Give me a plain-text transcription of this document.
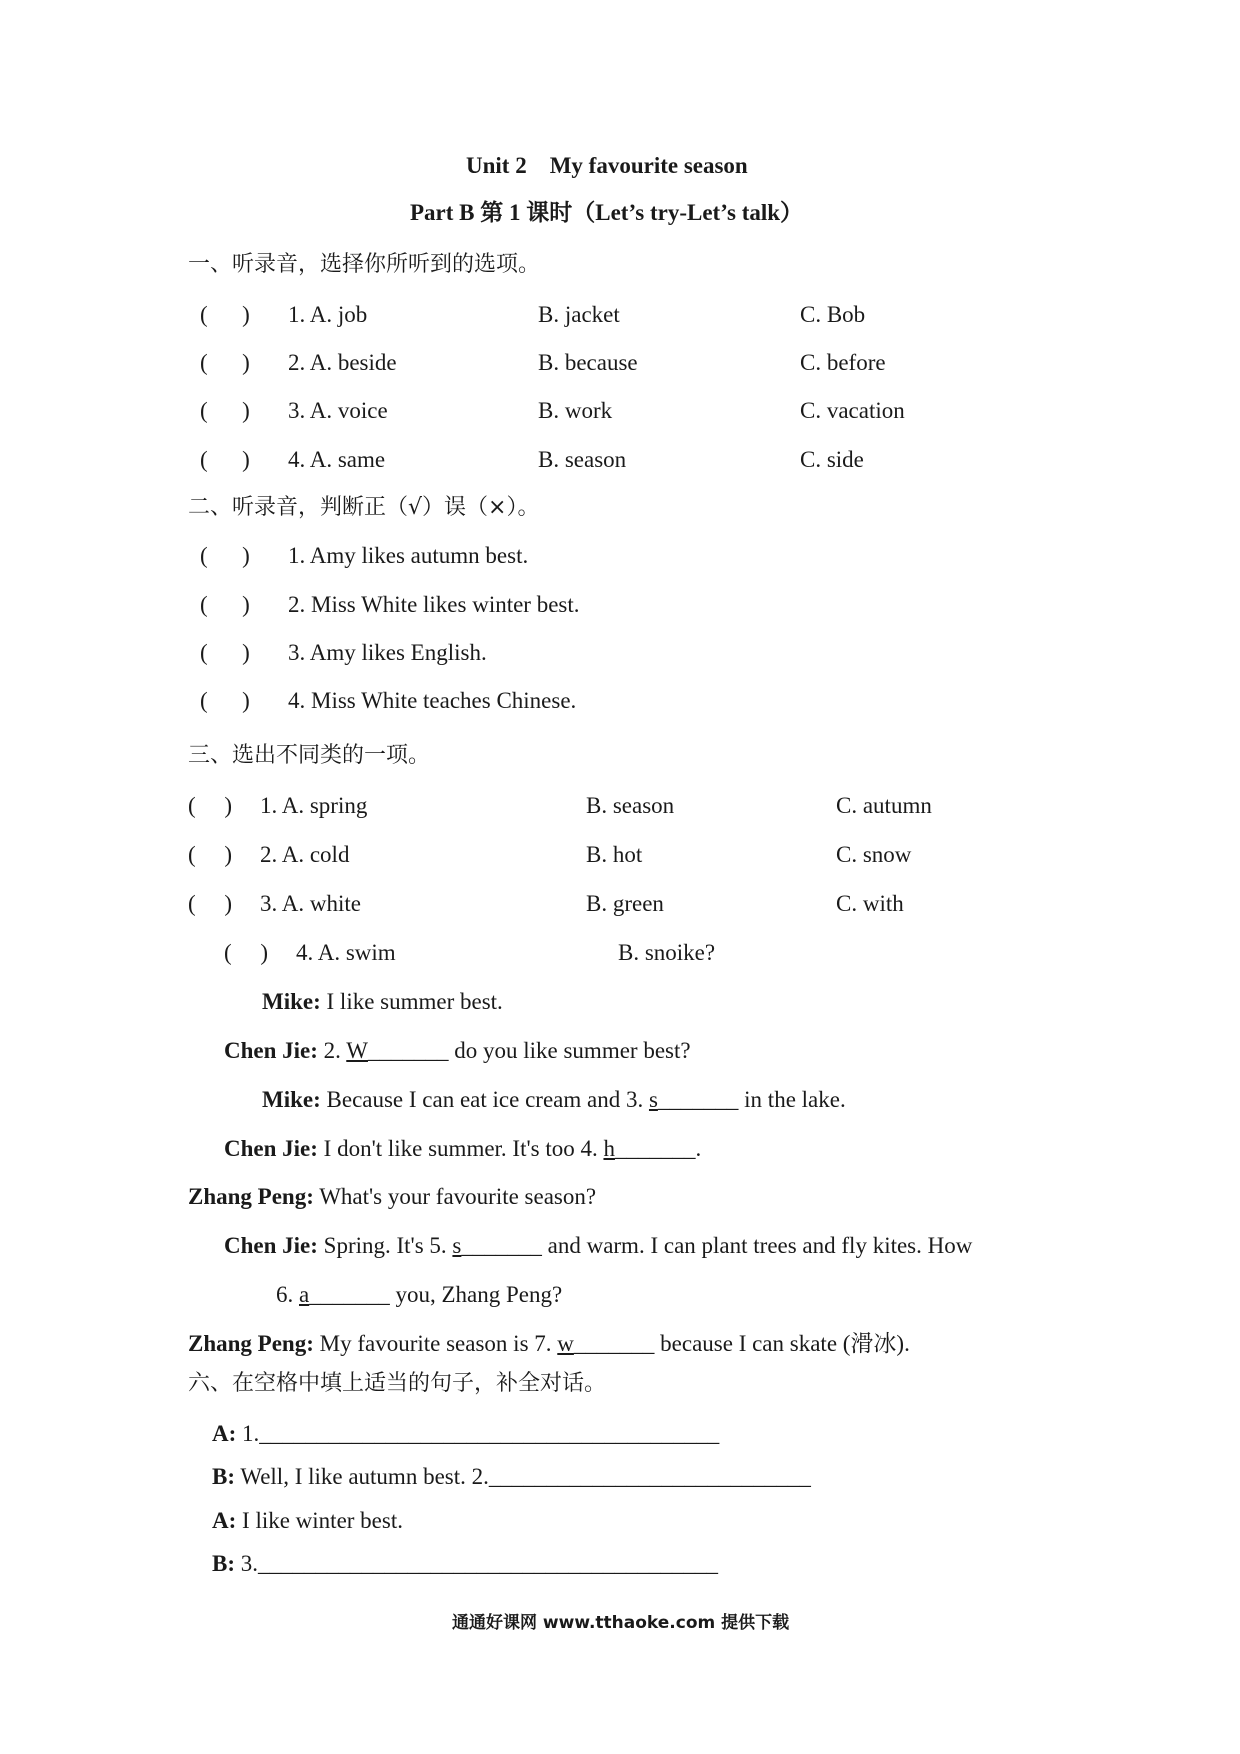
Unit 2    My favourite season
Part B 第 1 课时（Let’s try-Let’s talk）
一、听录音，选择你所听到的选项。
(      ) 1. A. job	B. jacket	C. Bob
(      ) 2. A. beside	B. because	C. before
(      ) 3. A. voice	B. work	C. vacation
(      ) 4. A. same	B. season	C. side
二、听录音，判断正（√）误（×）。
(      ) 1. Amy likes autumn best.
(      ) 2. Miss White likes winter best.
(      ) 3. Amy likes English.
(      ) 4. Miss White teaches Chinese.
三、选出不同类的一项。
(     ) 1. A. spring	B. season	C. autumn
(     ) 2. A. cold	B. hot	C. snow
(     ) 3. A. white	B. green	C. with
(     ) 4. A. swim	B. snoike?
Mike: I like summer best.
Chen Jie: 2. W_______ do you like summer best?
Mike: Because I can eat ice cream and 3. s_______ in the lake.
Chen Jie: I don't like summer. It's too 4. h_______.
Zhang Peng: What's your favourite season?
Chen Jie: Spring. It's 5. s_______ and warm. I can plant trees and fly kites. How
6. a_______ you, Zhang Peng?
Zhang Peng: My favourite season is 7. w_______ because I can skate (滑冰).
六、在空格中填上适当的句子，补全对话。
A: 1.________________________________________
B: Well, I like autumn best. 2.____________________________
A: I like winter best.
B: 3.________________________________________
通通好课网 www.tthaoke.com 提供下载
